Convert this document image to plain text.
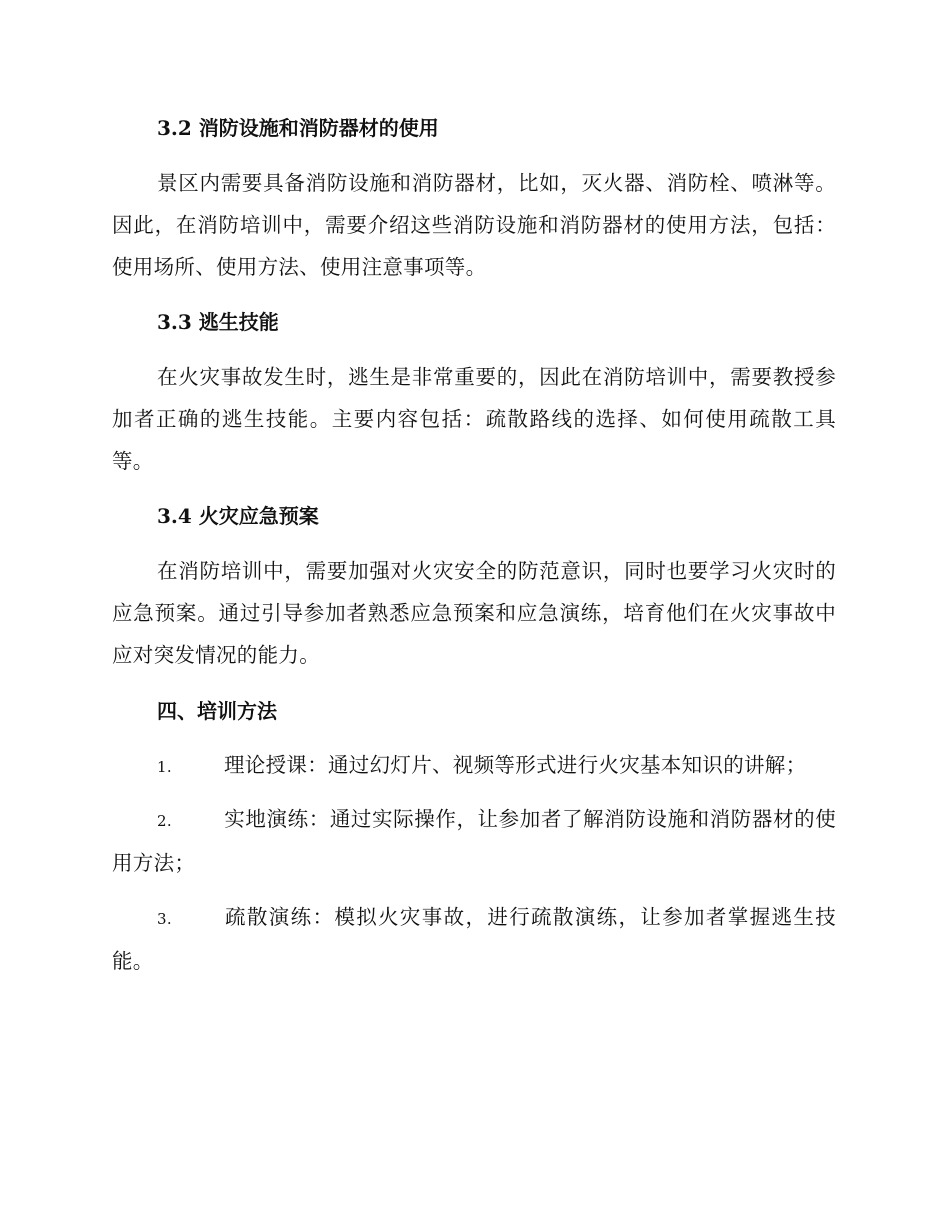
3.2 消防设施和消防器材的使用
景区内需要具备消防设施和消防器材，比如，灭火器、消防栓、喷淋等。因此，在消防培训中，需要介绍这些消防设施和消防器材的使用方法，包括：使用场所、使用方法、使用注意事项等。
3.3 逃生技能
在火灾事故发生时，逃生是非常重要的，因此在消防培训中，需要教授参加者正确的逃生技能。主要内容包括：疏散路线的选择、如何使用疏散工具等。
3.4 火灾应急预案
在消防培训中，需要加强对火灾安全的防范意识，同时也要学习火灾时的应急预案。通过引导参加者熟悉应急预案和应急演练，培育他们在火灾事故中应对突发情况的能力。
四、培训方法
1.	理论授课：通过幻灯片、视频等形式进行火灾基本知识的讲解；
2.	实地演练：通过实际操作，让参加者了解消防设施和消防器材的使用方法；
3.	疏散演练：模拟火灾事故，进行疏散演练，让参加者掌握逃生技能。
